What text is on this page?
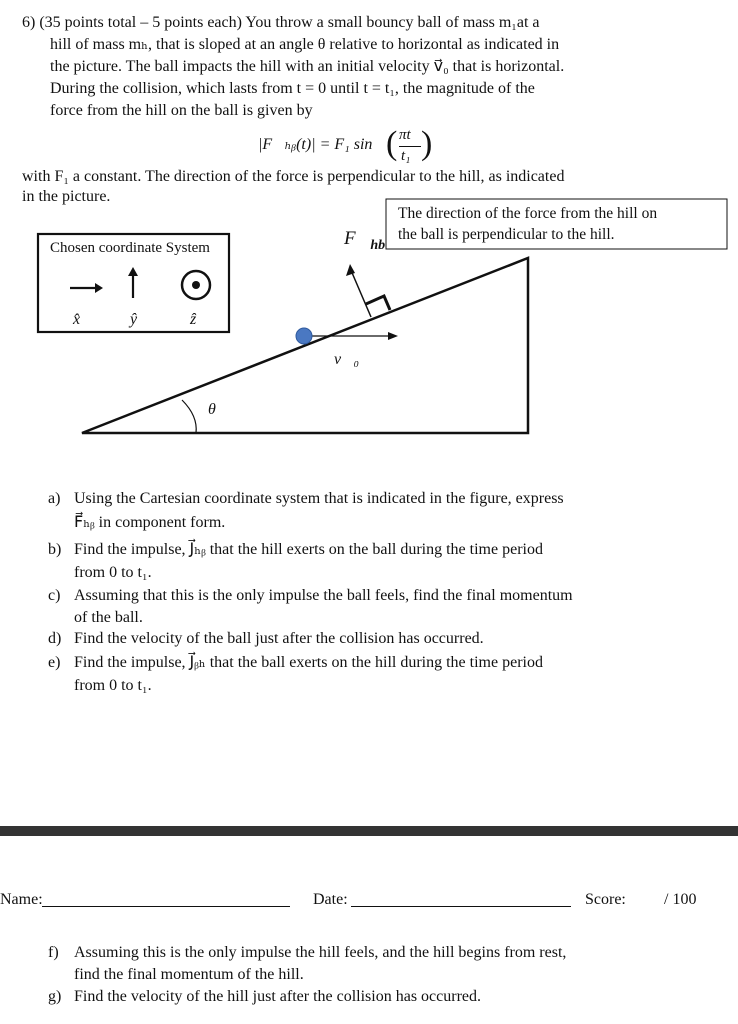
6) (35 points total – 5 points each) You throw a small bouncy ball of mass m₁at a
hill of mass mₕ, that is sloped at an angle θ relative to horizontal as indicated in
the picture. The ball impacts the hill with an initial velocity v⃗₀ that is horizontal.
During the collision, which lasts from t = 0 until t = t₁, the magnitude of the
force from the hill on the ball is given by
|F⃗ₕᵦ(t)| = F₁ sin ( πt
t₁ )
with F₁ a constant. The direction of the force is perpendicular to the hill, as indicated
in the picture.
The direction of the force from the hill on
the ball is perpendicular to the hill.
Chosen coordinate System
x̂	ŷ	ẑ
$F⃗_{hb}$
v⃗₀
θ
a) Using the Cartesian coordinate system that is indicated in the figure, express
F⃗ₕᵦ in component form.
b) Find the impulse, J⃗ₕᵦ that the hill exerts on the ball during the time period
from 0 to t₁.
c) Assuming that this is the only impulse the ball feels, find the final momentum
of the ball.
d) Find the velocity of the ball just after the collision has occurred.
e) Find the impulse, J⃗ᵦₕ that the ball exerts on the hill during the time period
from 0 to t₁.
Name:	Date:	Score: / 100
f) Assuming this is the only impulse the hill feels, and the hill begins from rest,
find the final momentum of the hill.
g) Find the velocity of the hill just after the collision has occurred.
